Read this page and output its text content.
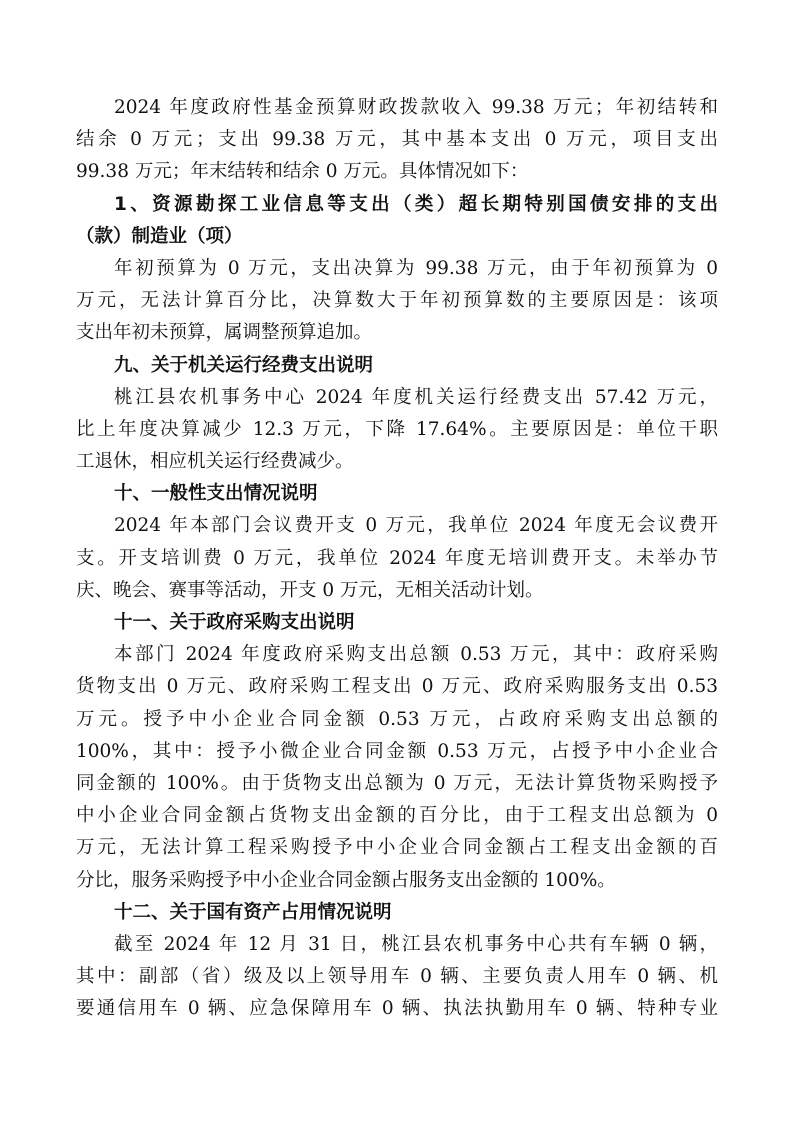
2024 年度政府性基金预算财政拨款收入 99.38 万元；年初结转和
结余 0 万元；支出 99.38 万元，其中基本支出 0 万元，项目支出
99.38 万元；年末结转和结余 0 万元。具体情况如下：
1、资源勘探工业信息等支出（类）超长期特别国债安排的支出
（款）制造业（项）
年初预算为 0 万元，支出决算为 99.38 万元，由于年初预算为 0
万元，无法计算百分比，决算数大于年初预算数的主要原因是：该项
支出年初未预算，属调整预算追加。
九、关于机关运行经费支出说明
桃江县农机事务中心 2024 年度机关运行经费支出 57.42 万元，
比上年度决算减少 12.3 万元，下降 17.64%。主要原因是：单位干职
工退休，相应机关运行经费减少。
十、一般性支出情况说明
2024 年本部门会议费开支 0 万元，我单位 2024 年度无会议费开
支。开支培训费 0 万元，我单位 2024 年度无培训费开支。未举办节
庆、晚会、赛事等活动，开支 0 万元，无相关活动计划。
十一、关于政府采购支出说明
本部门 2024 年度政府采购支出总额 0.53 万元，其中：政府采购
货物支出 0 万元、政府采购工程支出 0 万元、政府采购服务支出 0.53
万元。授予中小企业合同金额 0.53 万元，占政府采购支出总额的
100%，其中：授予小微企业合同金额 0.53 万元，占授予中小企业合
同金额的 100%。由于货物支出总额为 0 万元，无法计算货物采购授予
中小企业合同金额占货物支出金额的百分比，由于工程支出总额为 0
万元，无法计算工程采购授予中小企业合同金额占工程支出金额的百
分比，服务采购授予中小企业合同金额占服务支出金额的 100%。
十二、关于国有资产占用情况说明
截至 2024 年 12 月 31 日，桃江县农机事务中心共有车辆 0 辆，
其中：副部（省）级及以上领导用车 0 辆、主要负责人用车 0 辆、机
要通信用车 0 辆、应急保障用车 0 辆、执法执勤用车 0 辆、特种专业
